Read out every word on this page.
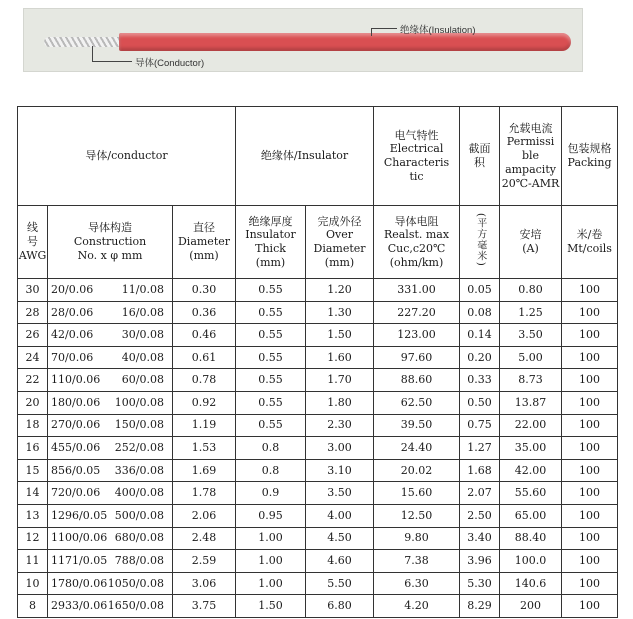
绝缘体(Insulation)
导体(Conductor)
导体/conductor			绝缘体/Insulator		电气特性
Electrical
Characteris
tic	截面积	允载电流
Permissi
ble
ampacity
20℃-AMR	包装规格
Packing

线
号
AWG	导体构造
Construction
No. x φ mm	直径
Diameter
(mm)	绝缘厚度
Insulator
Thick
(mm)	完成外径
Over
Diameter
(mm)	导体电阻
Realst. max
Cuc,c20℃
(ohm/km)	(平方毫米)	安培
(A)	米/卷
Mt/coils

30	20/0.06 11/0.08	0.30	0.55	1.20	331.00	0.05	0.80	100
28	28/0.06 16/0.08	0.36	0.55	1.30	227.20	0.08	1.25	100
26	42/0.06 30/0.08	0.46	0.55	1.50	123.00	0.14	3.50	100
24	70/0.06 40/0.08	0.61	0.55	1.60	97.60	0.20	5.00	100
22	110/0.06 60/0.08	0.78	0.55	1.70	88.60	0.33	8.73	100
20	180/0.06 100/0.08	0.92	0.55	1.80	62.50	0.50	13.87	100
18	270/0.06 150/0.08	1.19	0.55	2.30	39.50	0.75	22.00	100
16	455/0.06 252/0.08	1.53	0.8	3.00	24.40	1.27	35.00	100
15	856/0.05 336/0.08	1.69	0.8	3.10	20.02	1.68	42.00	100
14	720/0.06 400/0.08	1.78	0.9	3.50	15.60	2.07	55.60	100
13	1296/0.05 500/0.08	2.06	0.95	4.00	12.50	2.50	65.00	100
12	1100/0.06 680/0.08	2.48	1.00	4.50	9.80	3.40	88.40	100
11	1171/0.05 788/0.08	2.59	1.00	4.60	7.38	3.96	100.0	100
10	1780/0.06 1050/0.08	3.06	1.00	5.50	6.30	5.30	140.6	100
8	2933/0.06 1650/0.08	3.75	1.50	6.80	4.20	8.29	200	100
